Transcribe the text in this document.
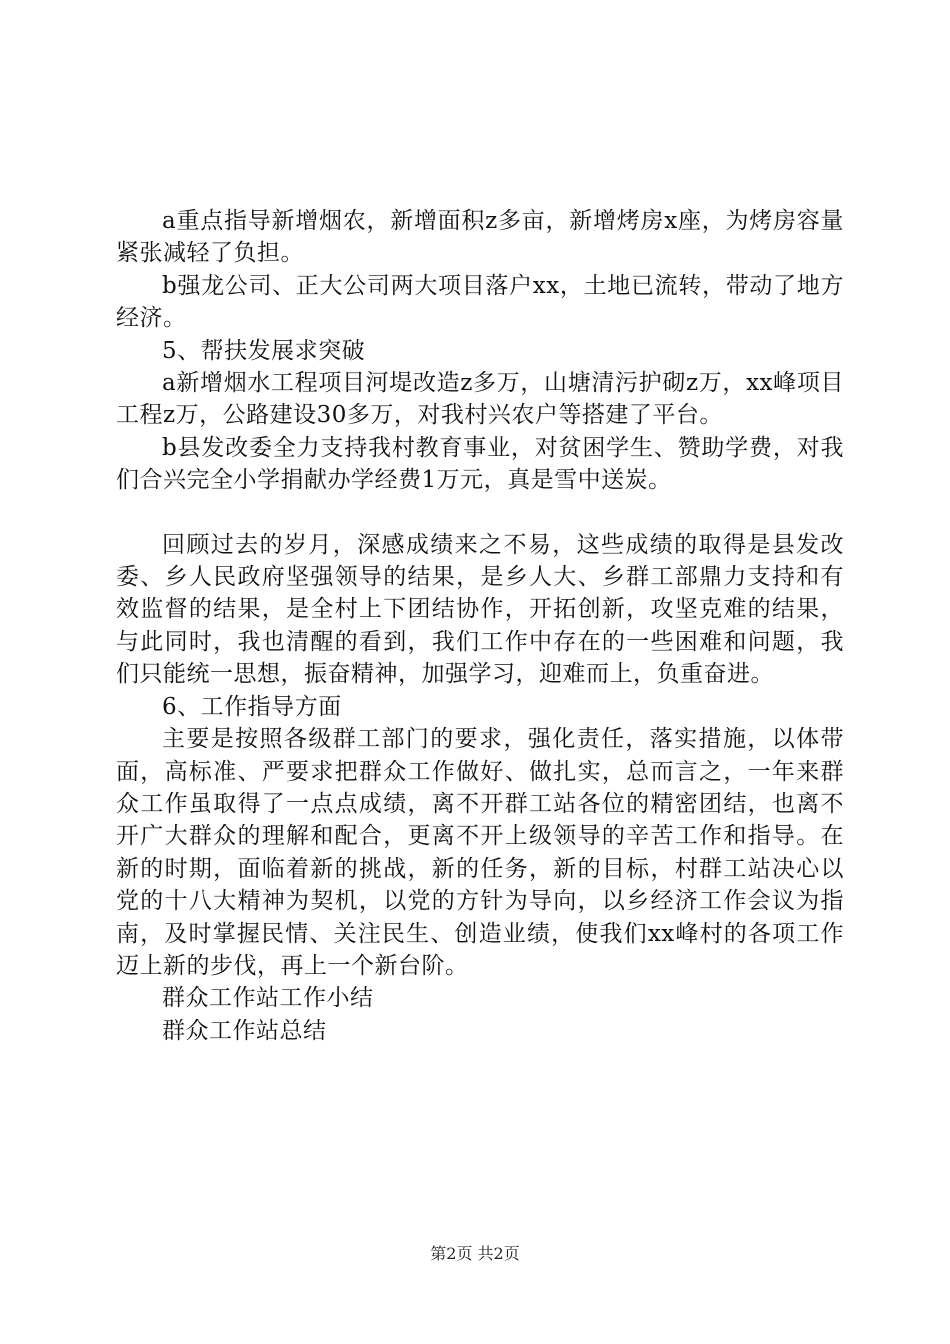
a重点指导新增烟农，新增面积z多亩，新增烤房x座，为烤房容量紧张减轻了负担。

b强龙公司、正大公司两大项目落户xx，土地已流转，带动了地方经济。

5、帮扶发展求突破

a新增烟水工程项目河堤改造z多万，山塘清污护砌z万，xx峰项目工程z万，公路建设30多万，对我村兴农户等搭建了平台。

b县发改委全力支持我村教育事业，对贫困学生、赞助学费，对我们合兴完全小学捐献办学经费1万元，真是雪中送炭。

回顾过去的岁月，深感成绩来之不易，这些成绩的取得是县发改委、乡人民政府坚强领导的结果，是乡人大、乡群工部鼎力支持和有效监督的结果，是全村上下团结协作，开拓创新，攻坚克难的结果，与此同时，我也清醒的看到，我们工作中存在的一些困难和问题，我们只能统一思想，振奋精神，加强学习，迎难而上，负重奋进。

6、工作指导方面

主要是按照各级群工部门的要求，强化责任，落实措施，以体带面，高标准、严要求把群众工作做好、做扎实，总而言之，一年来群众工作虽取得了一点点成绩，离不开群工站各位的精密团结，也离不开广大群众的理解和配合，更离不开上级领导的辛苦工作和指导。在新的时期，面临着新的挑战，新的任务，新的目标，村群工站决心以党的十八大精神为契机，以党的方针为导向，以乡经济工作会议为指南，及时掌握民情、关注民生、创造业绩，使我们xx峰村的各项工作迈上新的步伐，再上一个新台阶。

群众工作站工作小结

群众工作站总结

第2页 共2页
